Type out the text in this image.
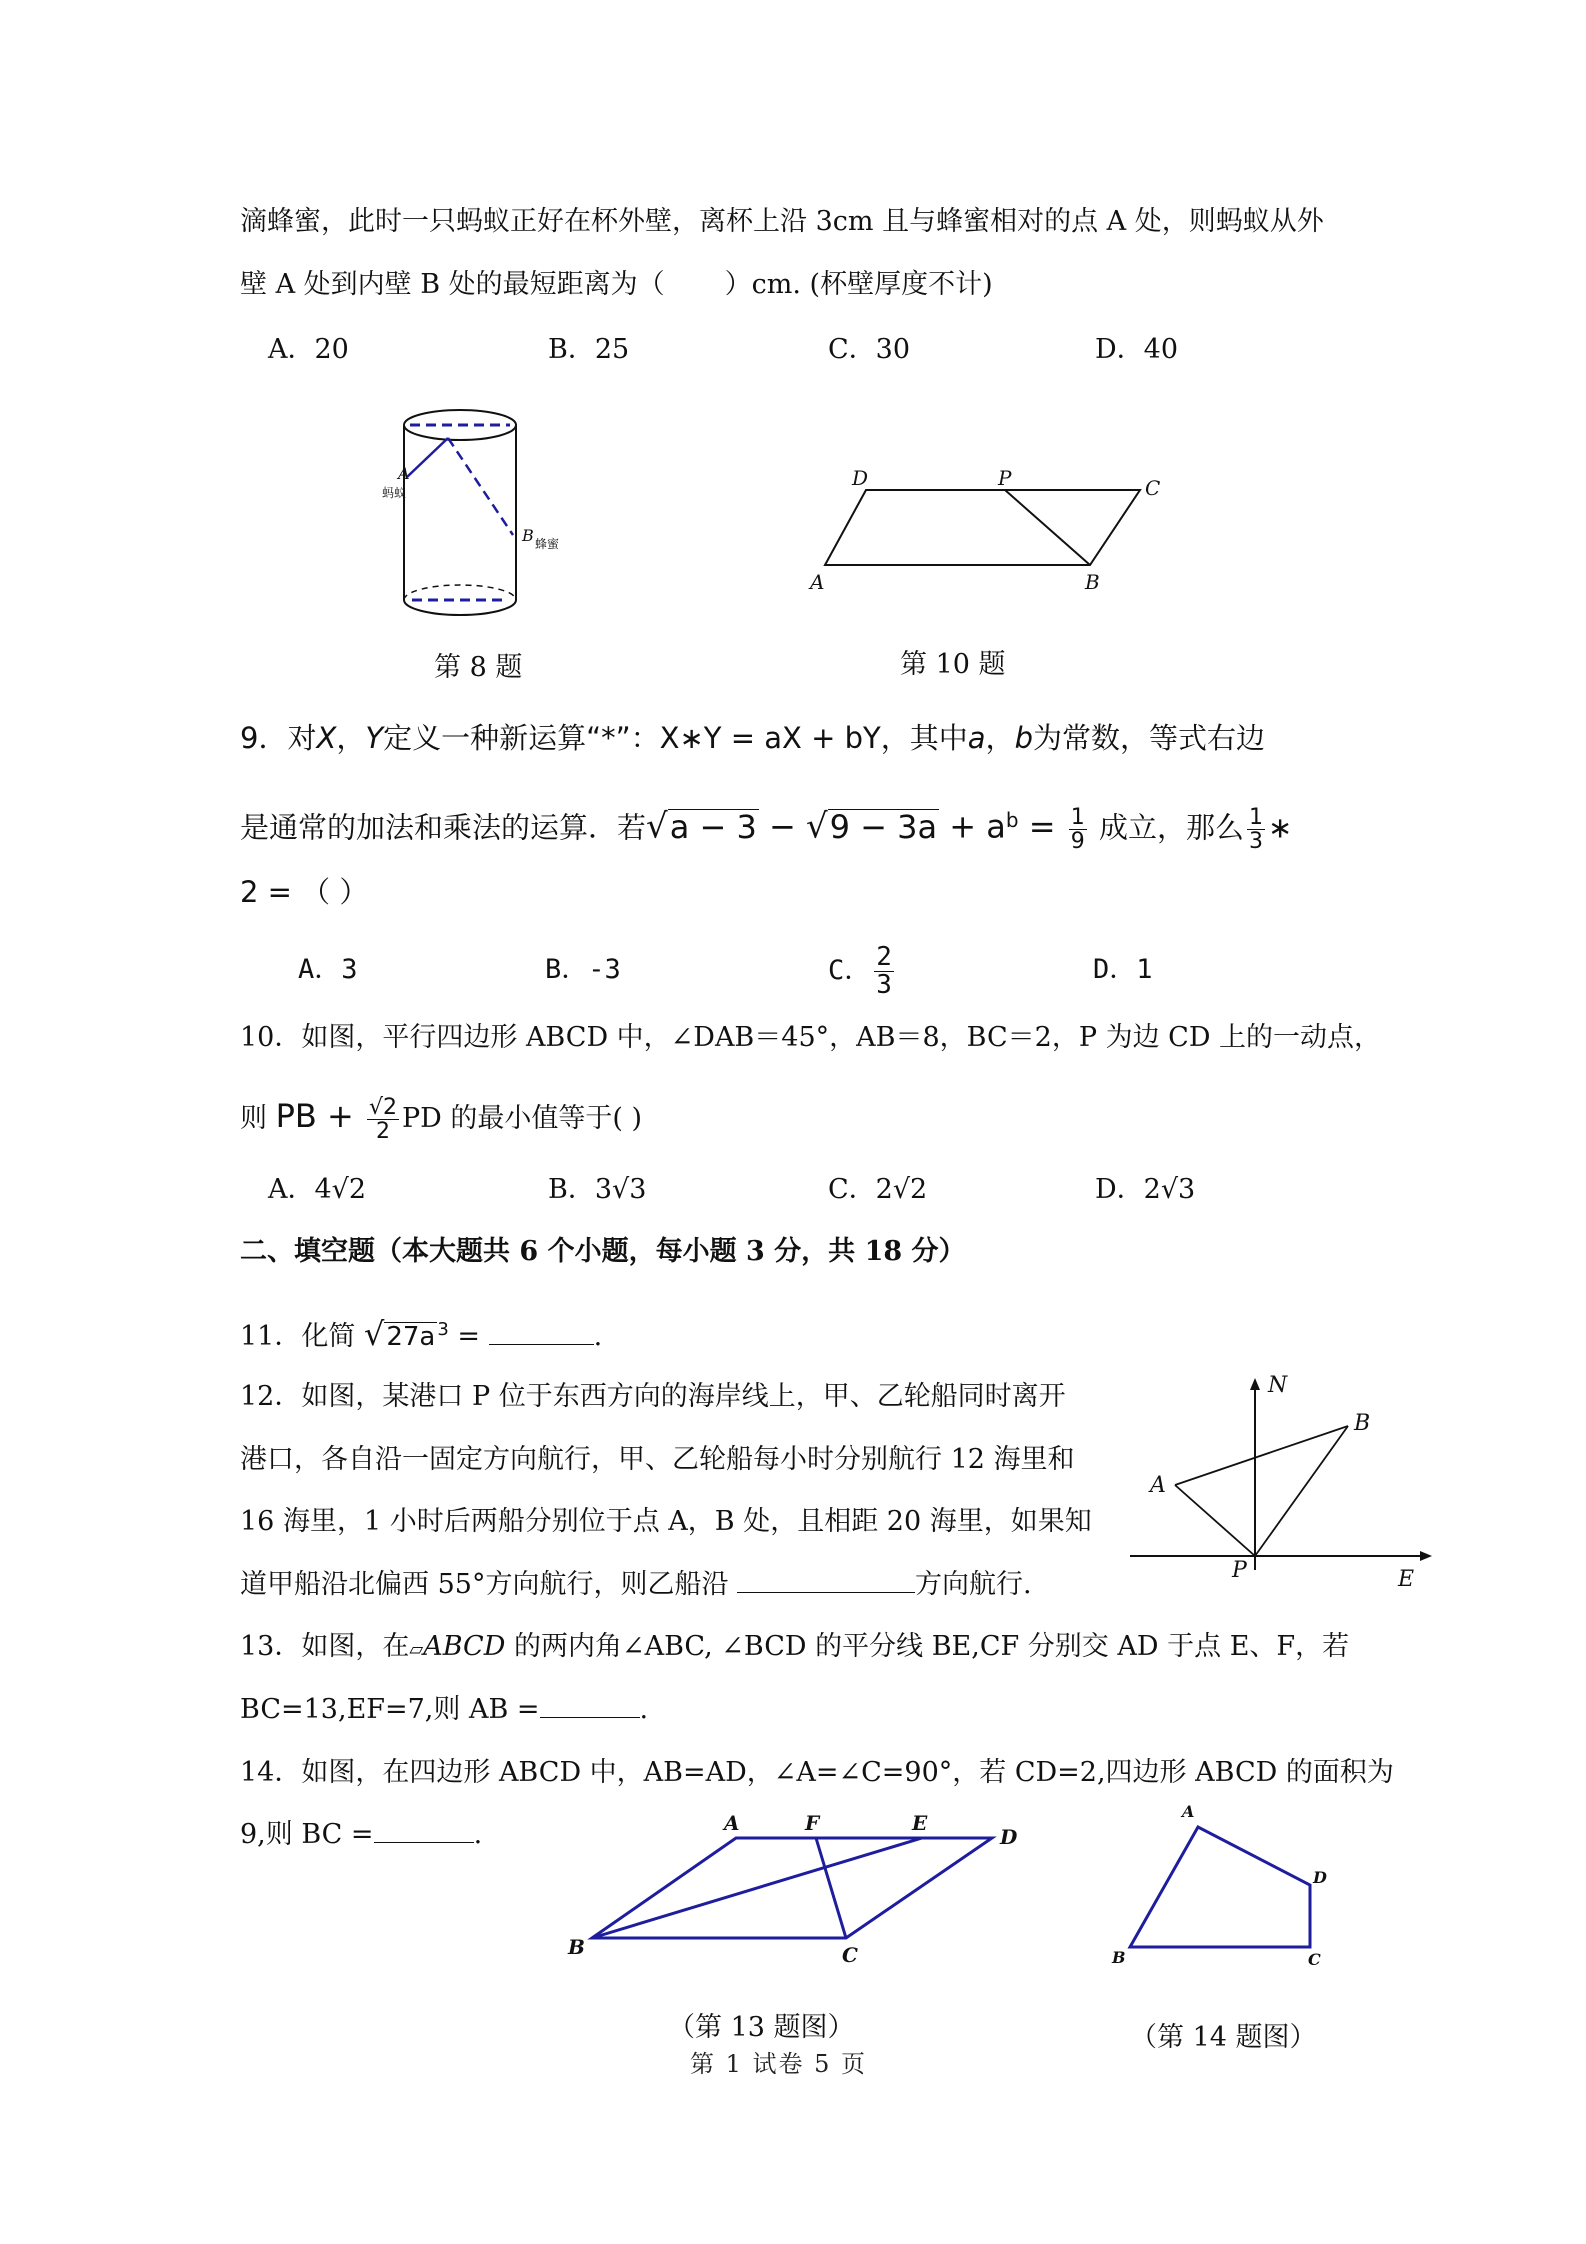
滴蜂蜜，此时一只蚂蚁正好在杯外壁，离杯上沿 3cm 且与蜂蜜相对的点 A 处，则蚂蚁从外
壁 A 处到内壁 B 处的最短距离为（ ）cm. (杯壁厚度不计)
A．20	B．25	C．30	D．40
A
蚂蚁
B 蜂蜜
第 8 题
D	P	C
A	B
第 10 题
9．对X，Y定义一种新运算“*”：X∗Y = aX + bY，其中a，b为常数，等式右边
是通常的加法和乘法的运算．若$√a - 3 - √9 - 3a + a^b = \frac{1}{9}$ 成立，那么 $\frac{1}{3}$ ∗
2 = （ ）
A．3	B．-3	C． $\frac{2}{3}$	D．1
10．如图，平行四边形 ABCD 中，∠DAB＝45°，AB＝8，BC＝2，P 为边 CD 上的一动点，
则 PB + $\frac{√2}{2}$ PD 的最小值等于( )
A．4√2	B．3√3	C．2√2	D．2√3
二、填空题（本大题共 6 个小题，每小题 3 分，共 18 分）
11．化简 √27a $^3$ =	.
12．如图，某港口 P 位于东西方向的海岸线上，甲、乙轮船同时离开
港口，各自沿一固定方向航行，甲、乙轮船每小时分别航行 12 海里和
16 海里，1 小时后两船分别位于点 A，B 处，且相距 20 海里，如果知
道甲船沿北偏西 55°方向航行，则乙船沿	方向航行.
N
B
A
P	E
13．如图，在▱ABCD 的两内角∠ABC, ∠BCD 的平分线 BE,CF 分别交 AD 于点 E、F，若
BC=13,EF=7,则 AB =	.
14．如图，在四边形 ABCD 中，AB=AD，∠A=∠C=90°，若 CD=2,四边形 ABCD 的面积为
9,则 BC =	.	A	F	E
D
B	C
（第 13 题图）
A
D
B	C
（第 14 题图）
第 1 试卷 5 页
